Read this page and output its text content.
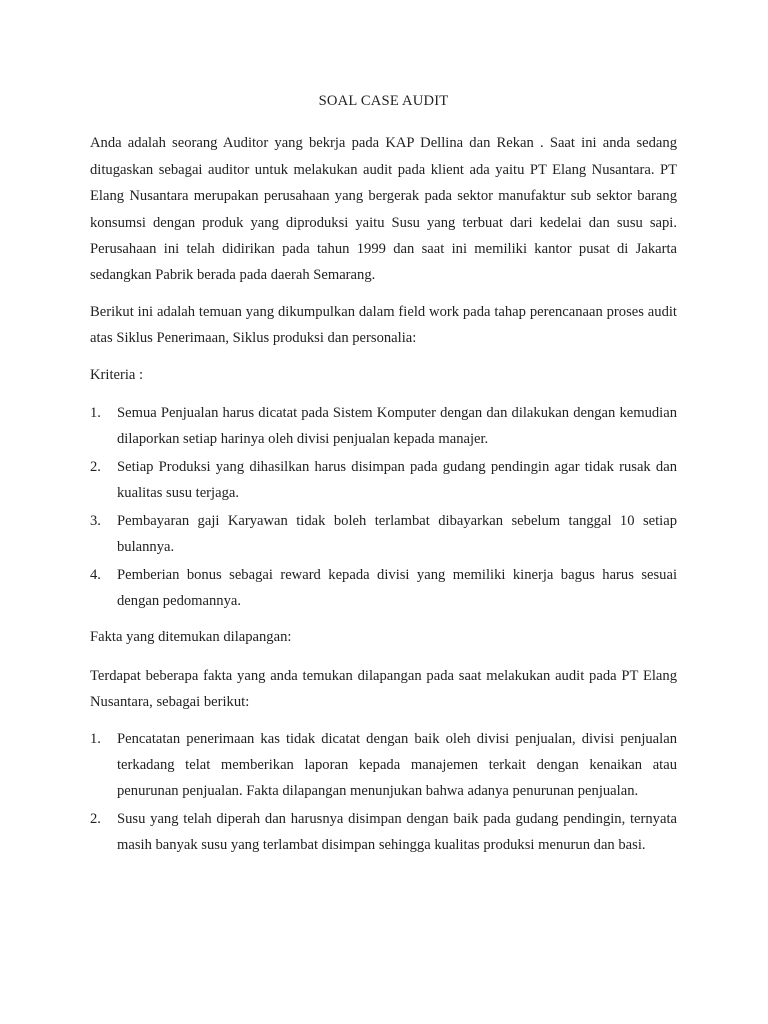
SOAL CASE AUDIT

Anda adalah seorang Auditor yang bekrja pada KAP Dellina dan Rekan . Saat ini anda sedang ditugaskan sebagai auditor untuk melakukan audit pada klient ada yaitu PT Elang Nusantara. PT Elang Nusantara merupakan perusahaan yang bergerak pada sektor manufaktur sub sektor barang konsumsi dengan produk yang diproduksi yaitu Susu yang terbuat dari kedelai dan susu sapi. Perusahaan ini telah didirikan pada tahun 1999 dan saat ini memiliki kantor pusat di Jakarta sedangkan Pabrik berada pada daerah Semarang.

Berikut ini adalah temuan yang dikumpulkan dalam field work pada tahap perencanaan proses audit atas Siklus Penerimaan, Siklus produksi dan personalia:

Kriteria :

1. Semua Penjualan harus dicatat pada Sistem Komputer dengan dan dilakukan dengan kemudian dilaporkan setiap harinya oleh divisi penjualan kepada manajer.
2. Setiap Produksi yang dihasilkan harus disimpan pada gudang pendingin agar tidak rusak dan kualitas susu terjaga.
3. Pembayaran gaji Karyawan tidak boleh terlambat dibayarkan sebelum tanggal 10 setiap bulannya.
4. Pemberian bonus sebagai reward kepada divisi yang memiliki kinerja bagus harus sesuai dengan pedomannya.

Fakta yang ditemukan dilapangan:

Terdapat beberapa fakta yang anda temukan dilapangan pada saat melakukan audit pada PT Elang Nusantara, sebagai berikut:

1. Pencatatan penerimaan kas tidak dicatat dengan baik oleh divisi penjualan, divisi penjualan terkadang telat memberikan laporan kepada manajemen terkait dengan kenaikan atau penurunan penjualan. Fakta dilapangan menunjukan bahwa adanya penurunan penjualan.
2. Susu yang telah diperah dan harusnya disimpan dengan baik pada gudang pendingin, ternyata masih banyak susu yang terlambat disimpan sehingga kualitas produksi menurun dan basi.
